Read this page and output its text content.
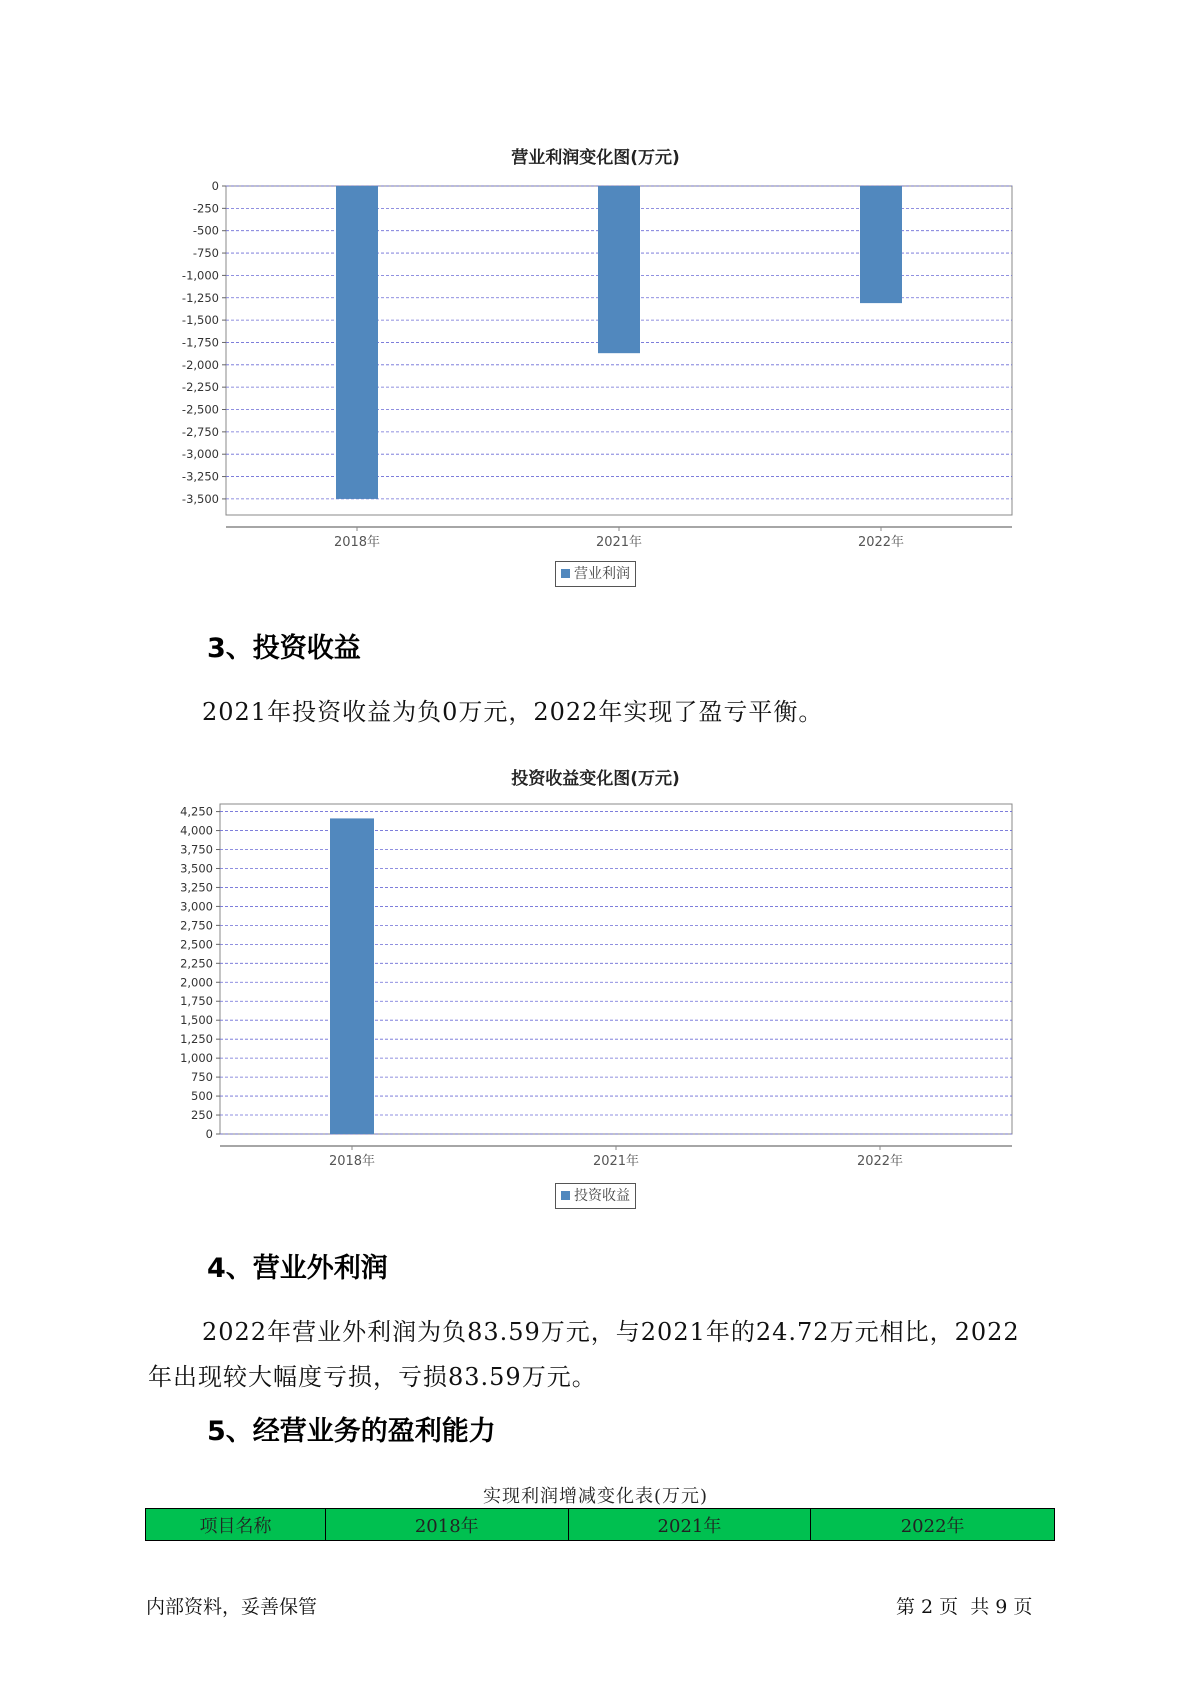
营业利润变化图(万元)
0
-250
-500
-750
-1,000
-1,250
-1,500
-1,750
-2,000
-2,250
-2,500
-2,750
-3,000
-3,250
-3,500
2018年	2021年	2022年
营业利润
3、投资收益
2021年投资收益为负0万元，2022年实现了盈亏平衡。
投资收益变化图(万元)
4,250
4,000
3,750
3,500
3,250
3,000
2,750
2,500
2,250
2,000
1,750
1,500
1,250
1,000
750
500
250
0
2018年	2021年	2022年
投资收益
4、营业外利润
2022年营业外利润为负83.59万元，与2021年的24.72万元相比，2022
年出现较大幅度亏损，亏损83.59万元。
5、经营业务的盈利能力
实现利润增减变化表(万元)
项目名称	2018年	2021年	2022年
内部资料，妥善保管	第 2 页  共 9 页
